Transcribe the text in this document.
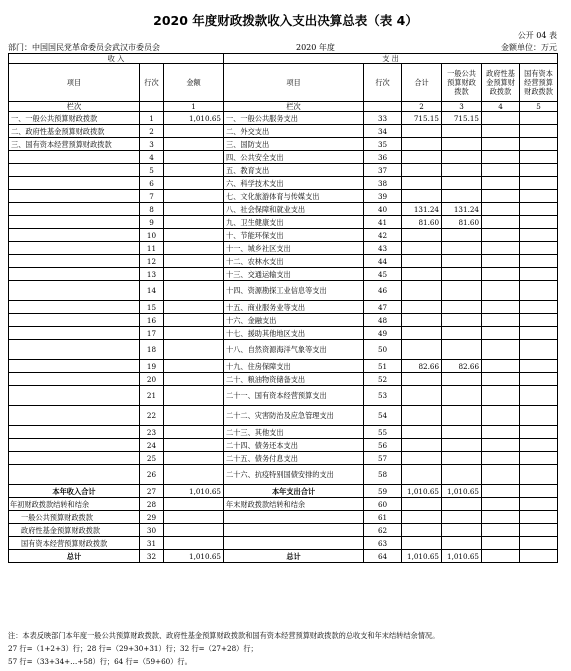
2020 年度财政拨款收入支出决算总表（表 4）
公开 04 表
部门：中国国民党革命委员会武汉市委员会	2020 年度	金额单位：万元
收 入			支 出					
项目	行次	金额	项目	行次	合计	一般公共预算财政拨款	政府性基金预算财政拨款	国有资本经营预算财政拨款
栏次		1	栏次		2	3	4	5
一、一般公共预算财政拨款	1	1,010.65	一、一般公共服务支出	33	715.15	715.15		
二、政府性基金预算财政拨款	2		二、外交支出	34				
三、国有资本经营预算财政拨款	3		三、国防支出	35				
	4		四、公共安全支出	36				
	5		五、教育支出	37				
	6		六、科学技术支出	38				
	7		七、文化旅游体育与传媒支出	39				
	8		八、社会保障和就业支出	40	131.24	131.24		
	9		九、卫生健康支出	41	81.60	81.60		
	10		十、节能环保支出	42				
	11		十一、城乡社区支出	43				
	12		十二、农林水支出	44				
	13		十三、交通运输支出	45				
	14		十四、资源勘探工业信息等支出	46				
	15		十五、商业服务业等支出	47				
	16		十六、金融支出	48				
	17		十七、援助其他地区支出	49				
	18		十八、自然资源海洋气象等支出	50				
	19		十九、住房保障支出	51	82.66	82.66		
	20		二十、粮油物资储备支出	52				
	21		二十一、国有资本经营预算支出	53				
	22		二十二、灾害防治及应急管理支出	54				
	23		二十三、其他支出	55				
	24		二十四、债务还本支出	56				
	25		二十五、债务付息支出	57				
	26		二十六、抗疫特别国债安排的支出	58				
本年收入合计	27	1,010.65	本年支出合计	59	1,010.65	1,010.65		
年初财政拨款结转和结余	28		年末财政拨款结转和结余	60				
一般公共预算财政拨款	29			61				
政府性基金预算财政拨款	30			62				
国有资本经营预算财政拨款	31			63				
总计	32	1,010.65	总计	64	1,010.65	1,010.65		
注：本表反映部门本年度一般公共预算财政拨款、政府性基金预算财政拨款和国有资本经营预算财政拨款的总收支和年末结转结余情况。
27 行=（1+2+3）行；28 行=（29+30+31）行；32 行=（27+28）行；
57 行=（33+34+…+58）行；64 行=（59+60）行。
